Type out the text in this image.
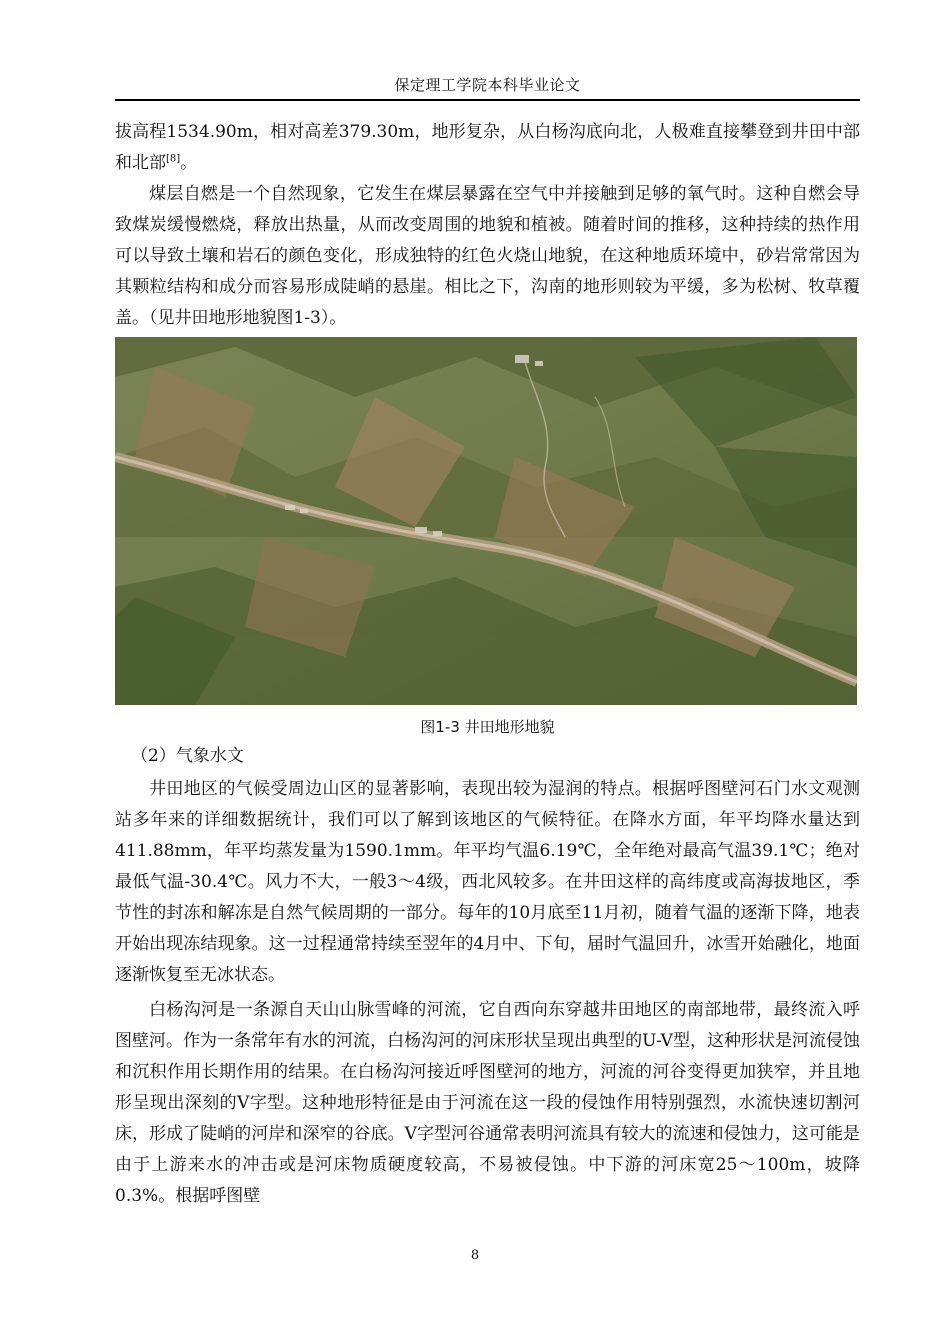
保定理工学院本科毕业论文

拔高程1534.90m，相对高差379.30m，地形复杂，从白杨沟底向北，人极难直接攀登到井田中部和北部[8]。

煤层自燃是一个自然现象，它发生在煤层暴露在空气中并接触到足够的氧气时。这种自燃会导致煤炭缓慢燃烧，释放出热量，从而改变周围的地貌和植被。随着时间的推移，这种持续的热作用可以导致土壤和岩石的颜色变化，形成独特的红色火烧山地貌，在这种地质环境中，砂岩常常因为其颗粒结构和成分而容易形成陡峭的悬崖。相比之下，沟南的地形则较为平缓，多为松树、牧草覆盖。（见井田地形地貌图1-3）。

图1-3 井田地形地貌
（2）气象水文

井田地区的气候受周边山区的显著影响，表现出较为湿润的特点。根据呼图壁河石门水文观测站多年来的详细数据统计，我们可以了解到该地区的气候特征。在降水方面，年平均降水量达到411.88mm，年平均蒸发量为1590.1mm。年平均气温6.19℃，全年绝对最高气温39.1℃；绝对最低气温-30.4℃。风力不大，一般3～4级，西北风较多。在井田这样的高纬度或高海拔地区，季节性的封冻和解冻是自然气候周期的一部分。每年的10月底至11月初，随着气温的逐渐下降，地表开始出现冻结现象。这一过程通常持续至翌年的4月中、下旬，届时气温回升，冰雪开始融化，地面逐渐恢复至无冰状态。

白杨沟河是一条源自天山山脉雪峰的河流，它自西向东穿越井田地区的南部地带，最终流入呼图壁河。作为一条常年有水的河流，白杨沟河的河床形状呈现出典型的U-V型，这种形状是河流侵蚀和沉积作用长期作用的结果。在白杨沟河接近呼图壁河的地方，河流的河谷变得更加狭窄，并且地形呈现出深刻的V字型。这种地形特征是由于河流在这一段的侵蚀作用特别强烈，水流快速切割河床，形成了陡峭的河岸和深窄的谷底。V字型河谷通常表明河流具有较大的流速和侵蚀力，这可能是由于上游来水的冲击或是河床物质硬度较高，不易被侵蚀。中下游的河床宽25～100m，坡降0.3%。根据呼图壁

8
